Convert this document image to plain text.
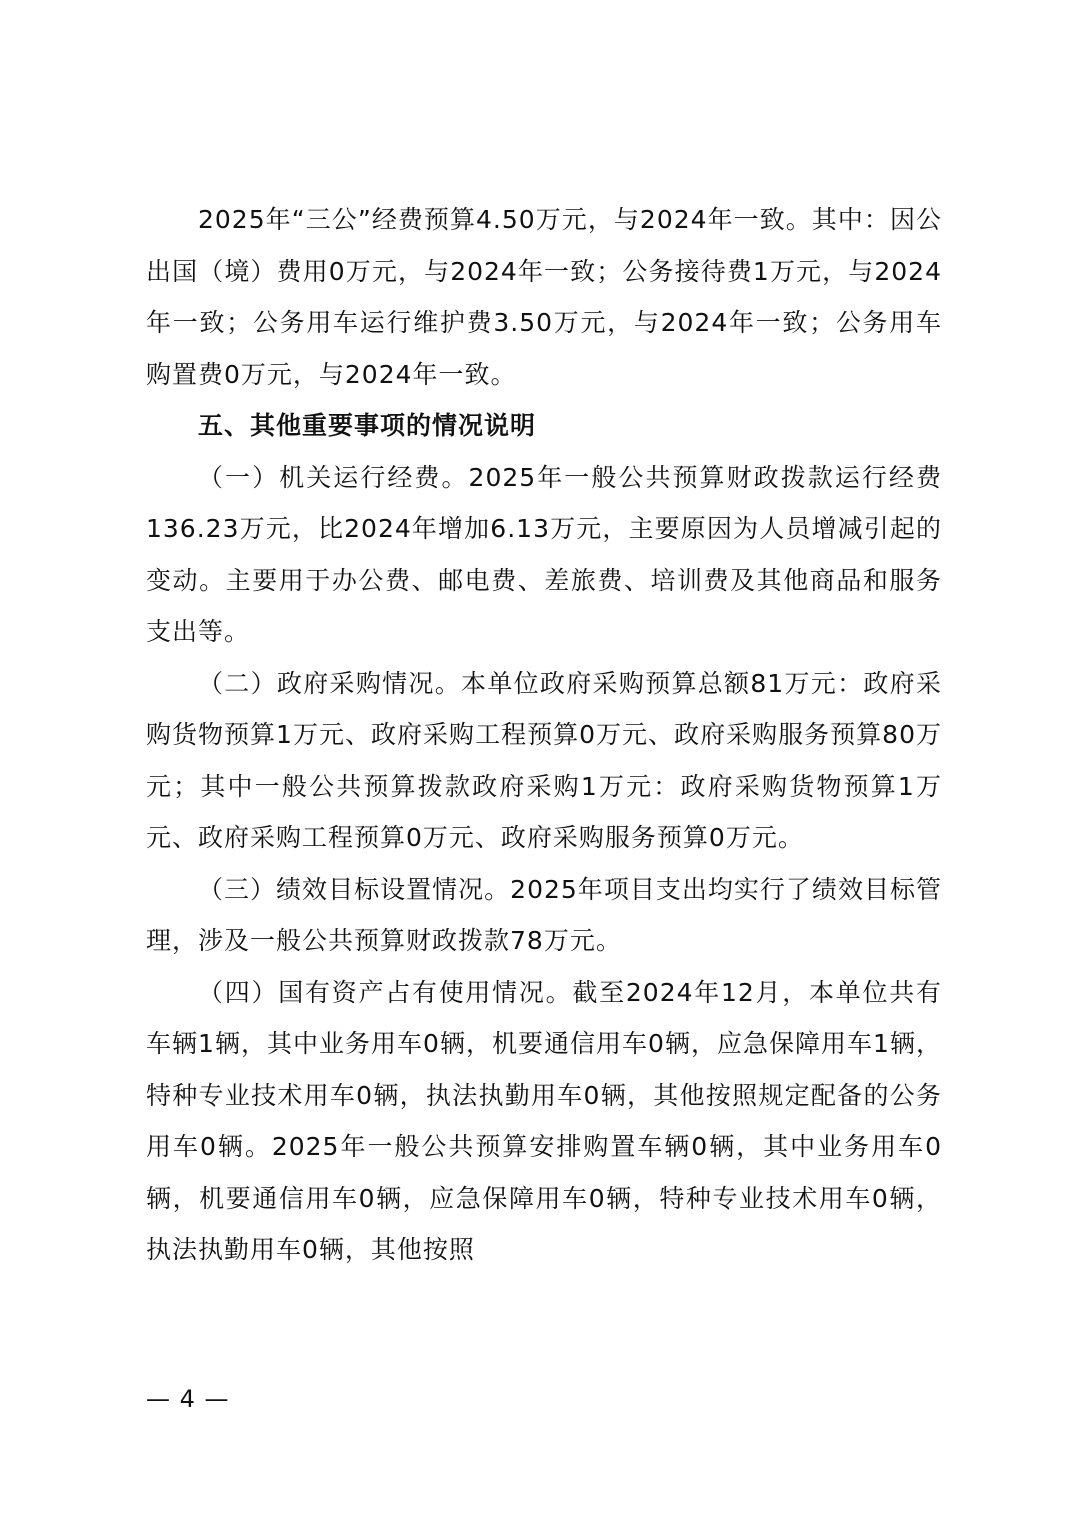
2025年“三公”经费预算4.50万元，与2024年一致。其中：因公出国（境）费用0万元，与2024年一致；公务接待费1万元，与2024年一致；公务用车运行维护费3.50万元，与2024年一致；公务用车购置费0万元，与2024年一致。

五、其他重要事项的情况说明

（一）机关运行经费。2025年一般公共预算财政拨款运行经费136.23万元，比2024年增加6.13万元，主要原因为人员增减引起的变动。主要用于办公费、邮电费、差旅费、培训费及其他商品和服务支出等。

（二）政府采购情况。本单位政府采购预算总额81万元：政府采购货物预算1万元、政府采购工程预算0万元、政府采购服务预算80万元；其中一般公共预算拨款政府采购1万元：政府采购货物预算1万元、政府采购工程预算0万元、政府采购服务预算0万元。

（三）绩效目标设置情况。2025年项目支出均实行了绩效目标管理，涉及一般公共预算财政拨款78万元。

（四）国有资产占有使用情况。截至2024年12月，本单位共有车辆1辆，其中业务用车0辆，机要通信用车0辆，应急保障用车1辆，特种专业技术用车0辆，执法执勤用车0辆，其他按照规定配备的公务用车0辆。2025年一般公共预算安排购置车辆0辆，其中业务用车0辆，机要通信用车0辆，应急保障用车0辆，特种专业技术用车0辆，执法执勤用车0辆，其他按照

— 4 —
